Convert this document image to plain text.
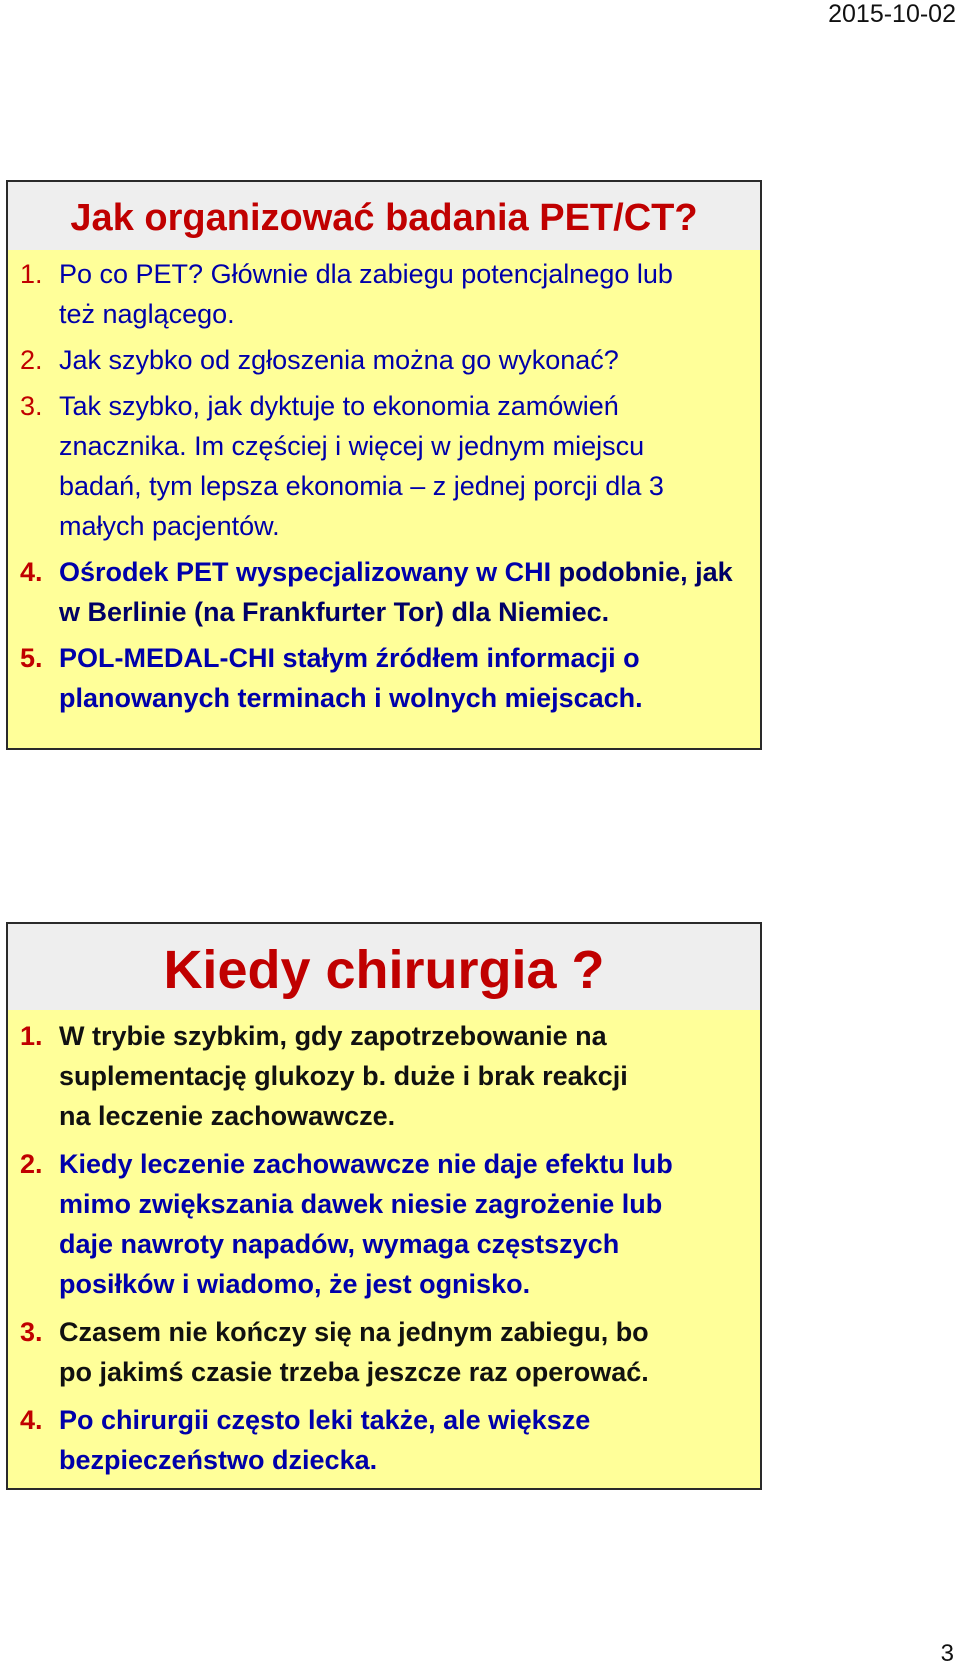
2015-10-02
Jak organizować badania PET/CT?
1. Po co PET? Głównie dla zabiegu potencjalnego lub też naglącego.
2. Jak szybko od zgłoszenia można go wykonać?
3. Tak szybko, jak dyktuje to ekonomia zamówień znacznika. Im częściej i więcej w jednym miejscu badań, tym lepsza ekonomia – z jednej porcji dla 3 małych pacjentów.
4. Ośrodek PET wyspecjalizowany w CHI podobnie, jak w Berlinie (na Frankfurter Tor) dla Niemiec.
5. POL-MEDAL-CHI stałym źródłem informacji o planowanych terminach i wolnych miejscach.
Kiedy chirurgia ?
1. W trybie szybkim, gdy zapotrzebowanie na suplementację glukozy b. duże i brak reakcji na leczenie zachowawcze.
2. Kiedy leczenie zachowawcze nie daje efektu lub mimo zwiększania dawek niesie zagrożenie lub daje nawroty napadów, wymaga częstszych posiłków i wiadomo, że jest ognisko.
3. Czasem nie kończy się na jednym zabiegu, bo po jakimś czasie trzeba jeszcze raz operować.
4. Po chirurgii często leki także, ale większe bezpieczeństwo dziecka.
3
